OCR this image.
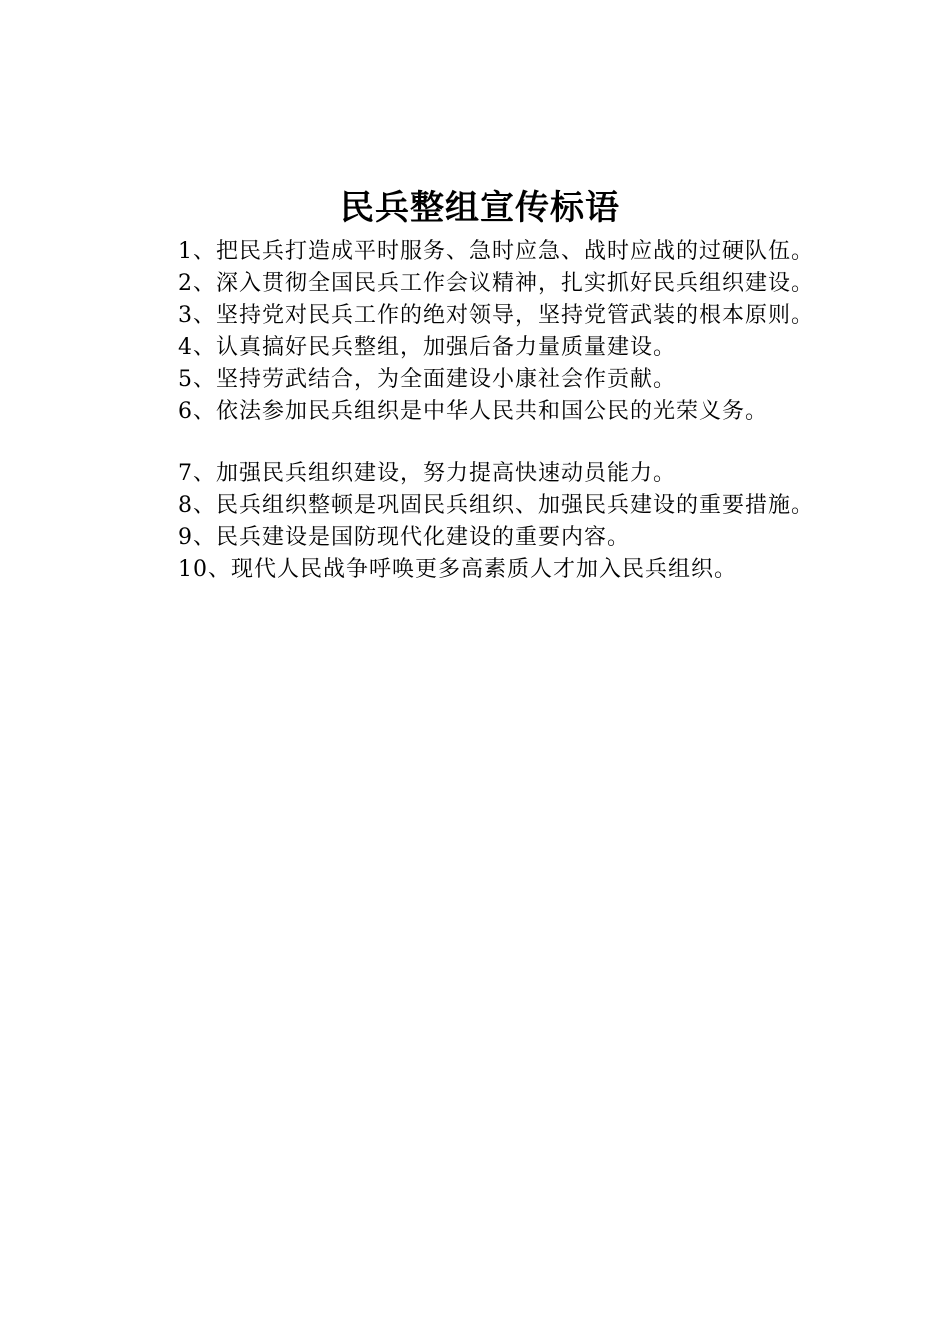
民兵整组宣传标语

1、把民兵打造成平时服务、急时应急、战时应战的过硬队伍。

2、深入贯彻全国民兵工作会议精神，扎实抓好民兵组织建设。

3、坚持党对民兵工作的绝对领导，坚持党管武装的根本原则。

4、认真搞好民兵整组，加强后备力量质量建设。

5、坚持劳武结合，为全面建设小康社会作贡献。

6、依法参加民兵组织是中华人民共和国公民的光荣义务。

7、加强民兵组织建设，努力提高快速动员能力。

8、民兵组织整顿是巩固民兵组织、加强民兵建设的重要措施。

9、民兵建设是国防现代化建设的重要内容。

10、现代人民战争呼唤更多高素质人才加入民兵组织。
